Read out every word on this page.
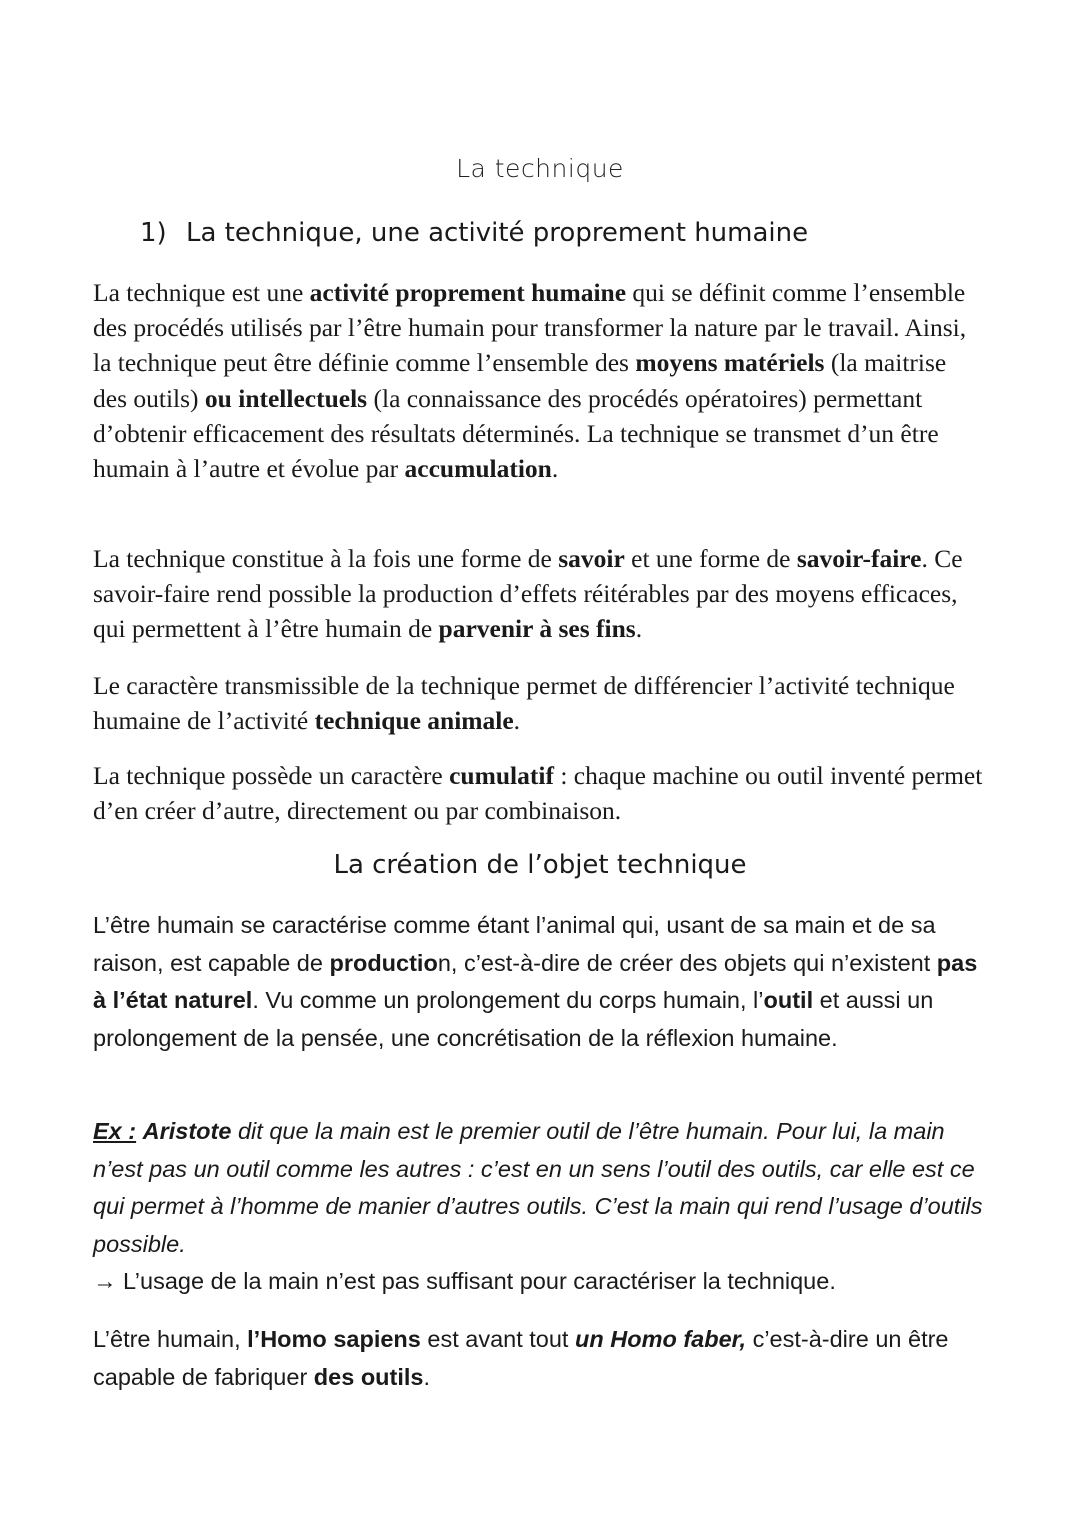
La technique
1) La technique, une activité proprement humaine

La technique est une activité proprement humaine qui se définit comme l’ensemble des procédés utilisés par l’être humain pour transformer la nature par le travail. Ainsi, la technique peut être définie comme l’ensemble des moyens matériels (la maitrise des outils) ou intellectuels (la connaissance des procédés opératoires) permettant d’obtenir efficacement des résultats déterminés. La technique se transmet d’un être humain à l’autre et évolue par accumulation.

La technique constitue à la fois une forme de savoir et une forme de savoir-faire. Ce savoir-faire rend possible la production d’effets réitérables par des moyens efficaces, qui permettent à l’être humain de parvenir à ses fins.

Le caractère transmissible de la technique permet de différencier l’activité technique humaine de l’activité technique animale.

La technique possède un caractère cumulatif : chaque machine ou outil inventé permet d’en créer d’autre, directement ou par combinaison.

La création de l’objet technique

L’être humain se caractérise comme étant l’animal qui, usant de sa main et de sa raison, est capable de production, c’est-à-dire de créer des objets qui n’existent pas à l’état naturel. Vu comme un prolongement du corps humain, l’outil et aussi un prolongement de la pensée, une concrétisation de la réflexion humaine.

Ex : Aristote dit que la main est le premier outil de l’être humain. Pour lui, la main n’est pas un outil comme les autres : c’est en un sens l’outil des outils, car elle est ce qui permet à l’homme de manier d’autres outils. C’est la main qui rend l’usage d’outils possible.
→ L’usage de la main n’est pas suffisant pour caractériser la technique.

L’être humain, l’Homo sapiens est avant tout un Homo faber, c’est-à-dire un être capable de fabriquer des outils.
